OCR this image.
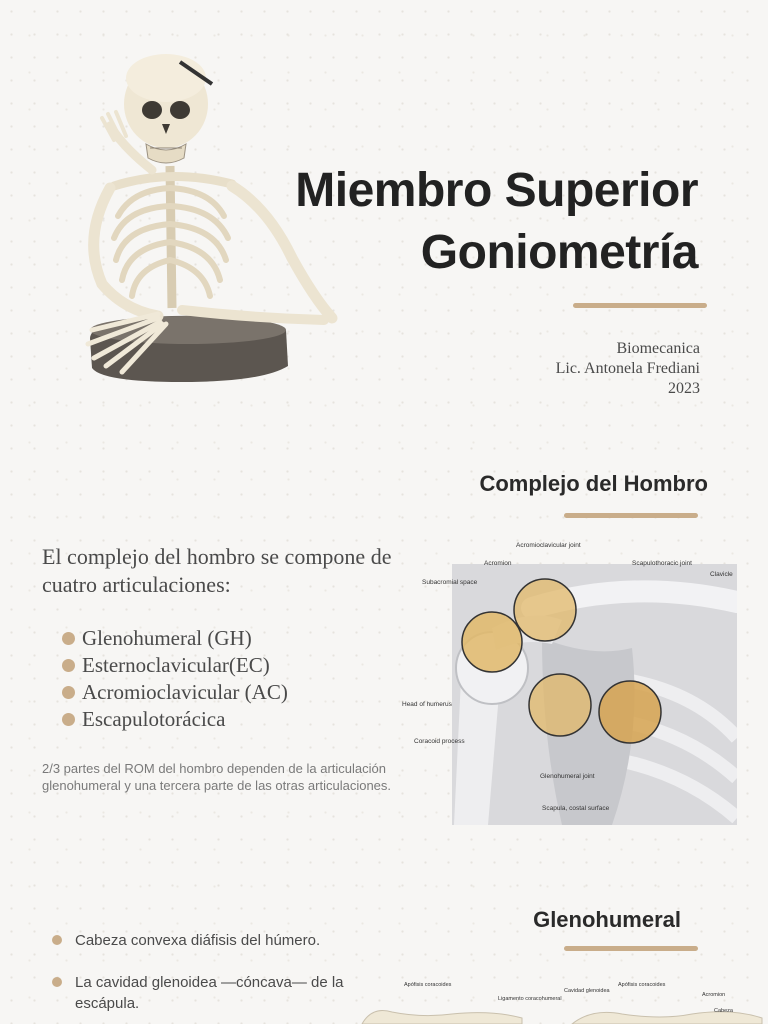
Miembro Superior
Goniometría
Biomecanica
Lic. Antonela Frediani
2023
Complejo del Hombro

El complejo del hombro se compone de cuatro articulaciones:

Glenohumeral (GH)
Esternoclavicular(EC)
Acromioclavicular (AC)
Escapulotorácica

2/3 partes del ROM del hombro dependen de la articulación glenohumeral y una tercera parte de las otras articulaciones.

Acromioclavicular joint
Acromion	Scapulothoracic joint
Clavicle
Subacromial space
Head of humerus
Coracoid process
Glenohumeral joint
Scapula, costal surface
Glenohumeral
Cabeza convexa diáfisis del húmero.
La cavidad glenoidea —cóncava— de la escápula.
Apófisis coracoides
Ligamento coracohumeral
Cavidad glenoidea
Apófisis coracoides
Acromion
Cabeza
